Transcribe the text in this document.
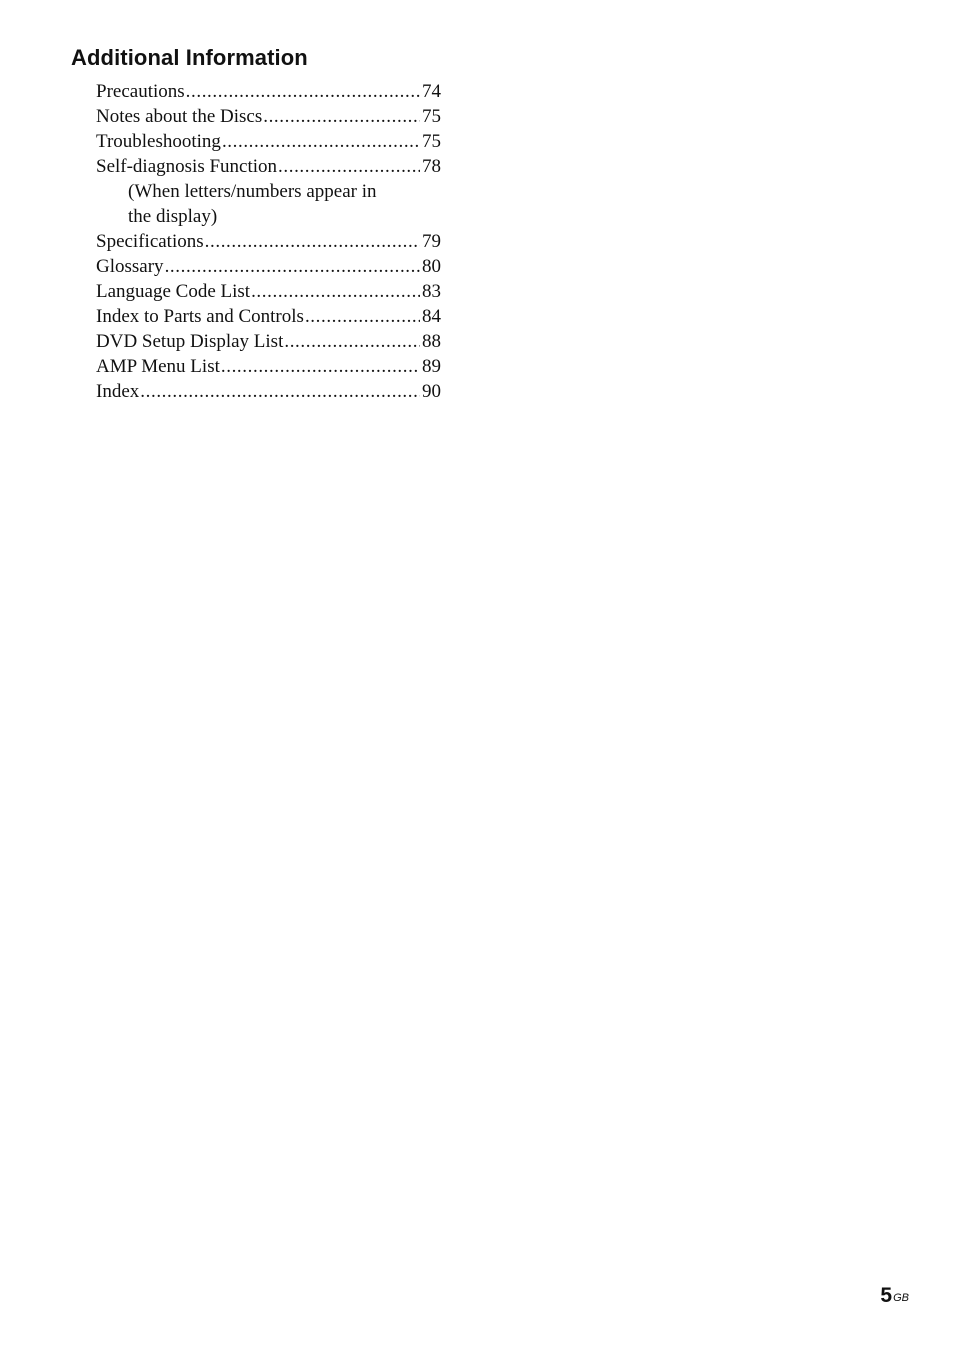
Additional Information
Precautions .....	74
Notes about the Discs .....	75
Troubleshooting .....	75
Self-diagnosis Function .....	78
(When letters/numbers appear in
the display)
Specifications .....	79
Glossary .....	80
Language Code List .....	83
Index to Parts and Controls .....	84
DVD Setup Display List .....	88
AMP Menu List .....	89
Index .....	90
$5^{GB}$
